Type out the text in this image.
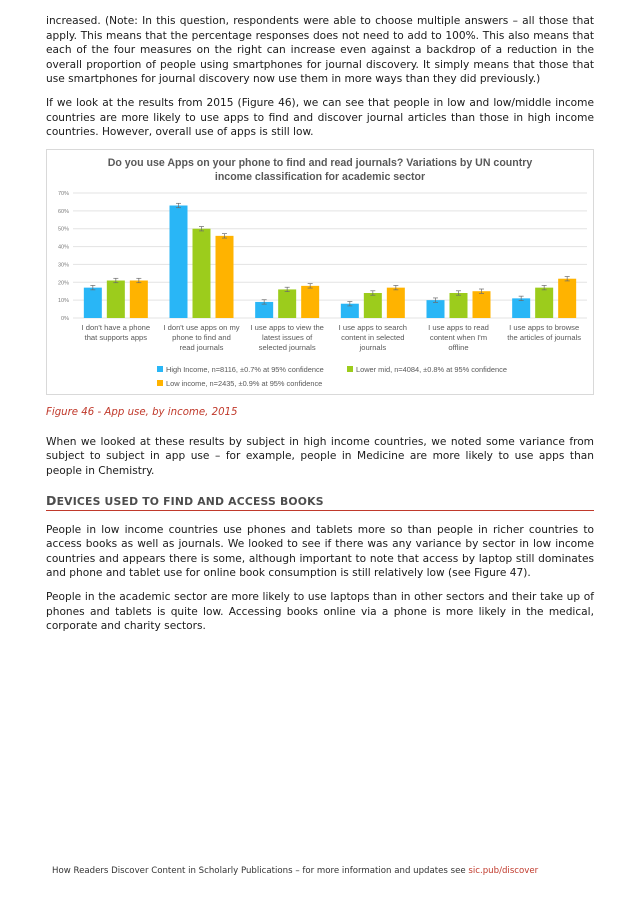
increased. (Note: In this question, respondents were able to choose multiple answers – all those that apply. This means that the percentage responses does not need to add to 100%. This also means that each of the four measures on the right can increase even against a backdrop of a reduction in the overall proportion of people using smartphones for journal discovery. It simply means that those that use smartphones for journal discovery now use them in more ways than they did previously.)

If we look at the results from 2015 (Figure 46), we can see that people in low and low/middle income countries are more likely to use apps to find and discover journal articles than those in high income countries. However, overall use of apps is still low.

Do you use Apps on your phone to find and read journals? Variations by UN country
income classification for academic sector
0%
10%
20%
30%
40%
50%
60%
70%
I don't have a phone
that supports apps
I don't use apps on my
phone to find and
read journals
I use apps to view the
latest issues of
selected journals
I use apps to search
content in selected
journals
I use apps to read
content when I'm
offline
I use apps to browse
the articles of journals
High Income, n=8116, ±0.7% at 95% confidence	Lower mid, n=4084, ±0.8% at 95% confidence
Low income, n=2435, ±0.9% at 95% confidence

Figure 46 - App use, by income, 2015

When we looked at these results by subject in high income countries, we noted some variance from subject to subject in app use – for example, people in Medicine are more likely to use apps than people in Chemistry.

DEVICES USED TO FIND AND ACCESS BOOKS

People in low income countries use phones and tablets more so than people in richer countries to access books as well as journals. We looked to see if there was any variance by sector in low income countries and appears there is some, although important to note that access by laptop still dominates and phone and tablet use for online book consumption is still relatively low (see Figure 47).

People in the academic sector are more likely to use laptops than in other sectors and their take up of phones and tablets is quite low. Accessing books online via a phone is more likely in the medical, corporate and charity sectors.

How Readers Discover Content in Scholarly Publications – for more information and updates see sic.pub/discover
